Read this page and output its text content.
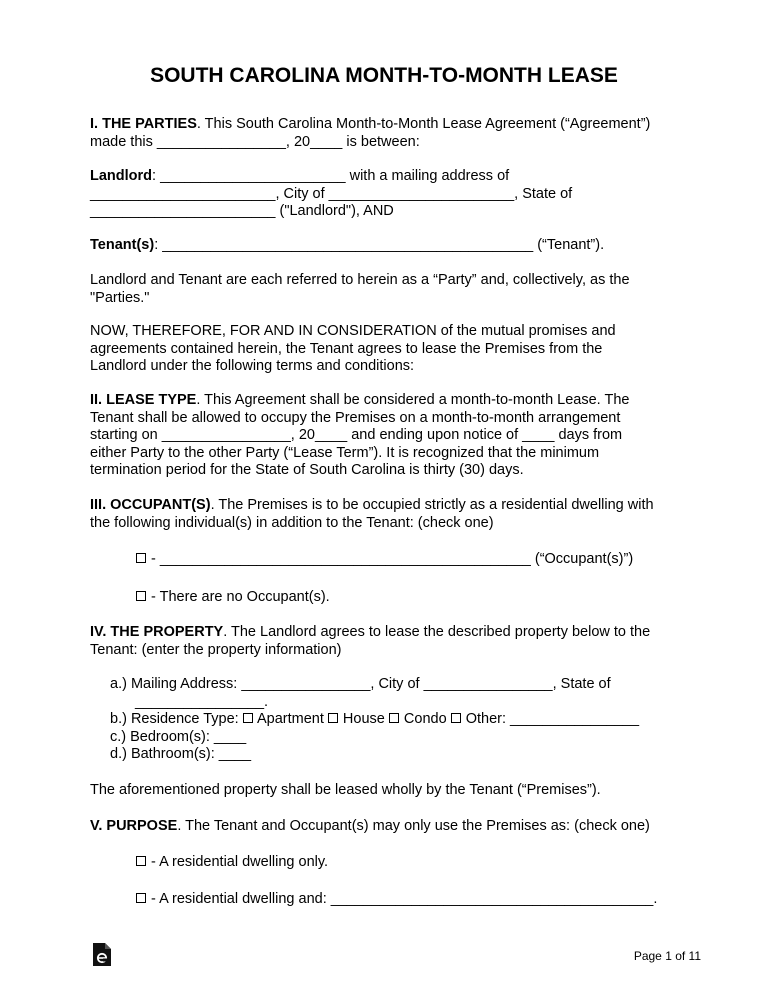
SOUTH CAROLINA MONTH-TO-MONTH LEASE

I. THE PARTIES. This South Carolina Month-to-Month Lease Agreement (“Agreement”)

made this ________________, 20____ is between:

Landlord: _______________________ with a mailing address of

_______________________, City of _______________________, State of

_______________________ ("Landlord"), AND

Tenant(s): ______________________________________________ (“Tenant”).

Landlord and Tenant are each referred to herein as a “Party” and, collectively, as the

"Parties."

NOW, THEREFORE, FOR AND IN CONSIDERATION of the mutual promises and

agreements contained herein, the Tenant agrees to lease the Premises from the

Landlord under the following terms and conditions:

II. LEASE TYPE. This Agreement shall be considered a month-to-month Lease. The

Tenant shall be allowed to occupy the Premises on a month-to-month arrangement

starting on ________________, 20____ and ending upon notice of ____ days from

either Party to the other Party (“Lease Term”). It is recognized that the minimum

termination period for the State of South Carolina is thirty (30) days.

III. OCCUPANT(S). The Premises is to be occupied strictly as a residential dwelling with

the following individual(s) in addition to the Tenant: (check one)

- ______________________________________________ (“Occupant(s)”)

- There are no Occupant(s).

IV. THE PROPERTY. The Landlord agrees to lease the described property below to the

Tenant: (enter the property information)

a.) Mailing Address: ________________, City of ________________, State of

________________.

b.) Residence Type:  Apartment  House  Condo  Other: ________________

c.) Bedroom(s): ____

d.) Bathroom(s): ____

The aforementioned property shall be leased wholly by the Tenant (“Premises”).

V. PURPOSE. The Tenant and Occupant(s) may only use the Premises as: (check one)

- A residential dwelling only.

- A residential dwelling and: ________________________________________.

Page 1 of 11
